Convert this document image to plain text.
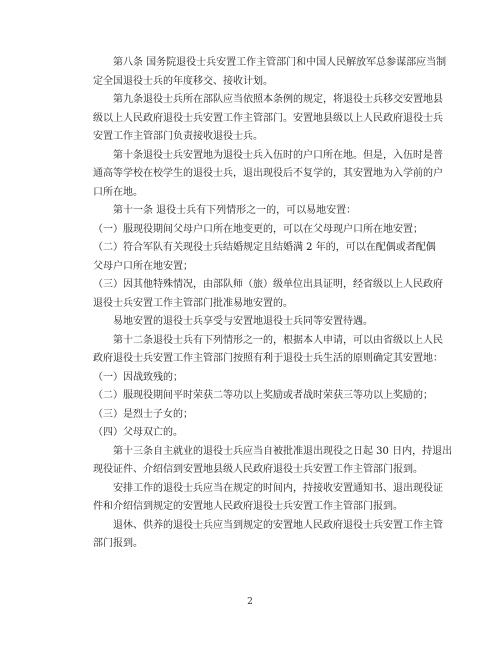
　　第八条 国务院退役士兵安置工作主管部门和中国人民解放军总参谋部应当制
定全国退役士兵的年度移交、接收计划。

　　第九条退役士兵所在部队应当依照本条例的规定，将退役士兵移交安置地县
级以上人民政府退役士兵安置工作主管部门。安置地县级以上人民政府退役士兵
安置工作主管部门负责接收退役士兵。

　　第十条退役士兵安置地为退役士兵入伍时的户口所在地。但是，入伍时是普
通高等学校在校学生的退役士兵，退出现役后不复学的，其安置地为入学前的户
口所在地。

　　第十一条 退役士兵有下列情形之一的，可以易地安置：

（一）服现役期间父母户口所在地变更的，可以在父母现户口所在地安置；

（二）符合军队有关现役士兵结婚规定且结婚满 2 年的，可以在配偶或者配偶
父母户口所在地安置；

（三）因其他特殊情况，由部队师（旅）级单位出具证明，经省级以上人民政府
退役士兵安置工作主管部门批准易地安置的。

　　易地安置的退役士兵享受与安置地退役士兵同等安置待遇。

　　第十二条退役士兵有下列情形之一的，根据本人申请，可以由省级以上人民
政府退役士兵安置工作主管部门按照有利于退役士兵生活的原则确定其安置地：

（一）因战致残的；

（二）服现役期间平时荣获二等功以上奖励或者战时荣获三等功以上奖励的；

（三）是烈士子女的；

（四）父母双亡的。

　　第十三条自主就业的退役士兵应当自被批准退出现役之日起 30 日内，持退出
现役证件、介绍信到安置地县级人民政府退役士兵安置工作主管部门报到。

　　安排工作的退役士兵应当在规定的时间内，持接收安置通知书、退出现役证
件和介绍信到规定的安置地人民政府退役士兵安置工作主管部门报到。

　　退休、供养的退役士兵应当到规定的安置地人民政府退役士兵安置工作主管
部门报到。

2
